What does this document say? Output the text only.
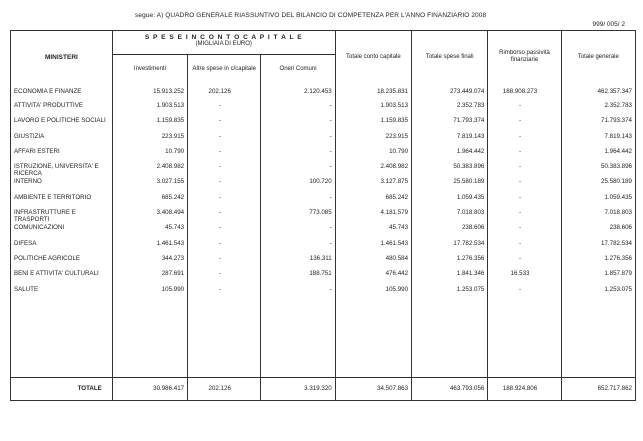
segue: A) QUADRO GENERALE RIASSUNTIVO DEL BILANCIO DI COMPETENZA PER L'ANNO FINANZIARIO 2008
999/ 005/ 2
MINISTERI	S P E S E I N C O N T O C A P I T A L E
(MIGLIAIA DI EURO)			Totale conto capitale	Totale spese finali	Rimborso passività finanziarie	Totale generale
	Investimenti	Altre spese in c/capitale	Oneri Comuni				
ECONOMIA E FINANZE	15.913.252	202.126	2.120.453	18.235.831	273.449.074	188.908.273	462.357.347
ATTIVITA' PRODUTTIVE	1.903.513	-	-	1.903.513	2.352.783	-	2.352.783
LAVORO E POLITICHE SOCIALI	1.159.835	-	-	1.159.835	71.793.374	-	71.793.374
GIUSTIZIA	223.915	-	-	223.915	7.819.143	-	7.819.143
AFFARI ESTERI	10.790	-	-	10.790	1.964.442	-	1.964.442
ISTRUZIONE, UNIVERSITA' E RICERCA	2.408.982	-	-	2.408.982	50.383.896	-	50.383.896
INTERNO	3.027.155	-	100.720	3.127.875	25.580.189	-	25.580.189
AMBIENTE E TERRITORIO	685.242	-	-	685.242	1.059.435	-	1.059.435
INFRASTRUTTURE E TRASPORTI	3.408.494	-	773.085	4.181.579	7.018.803	-	7.018.803
COMUNICAZIONI	45.743	-	-	45.743	238.606	-	238.606
DIFESA	1.461.543	-	-	1.461.543	17.782.534	-	17.782.534
POLITICHE AGRICOLE	344.273	-	136.311	480.584	1.276.356	-	1.276.356
BENI E ATTIVITA' CULTURALI	287.691	-	188.751	476.442	1.841.346	16.533	1.857.879
SALUTE	105.990	-	-	105.990	1.253.075	-	1.253.075

TOTALE	30.986.417	202.126	3.319.320	34.507.863	463.793.056	188.924.806	652.717.862
